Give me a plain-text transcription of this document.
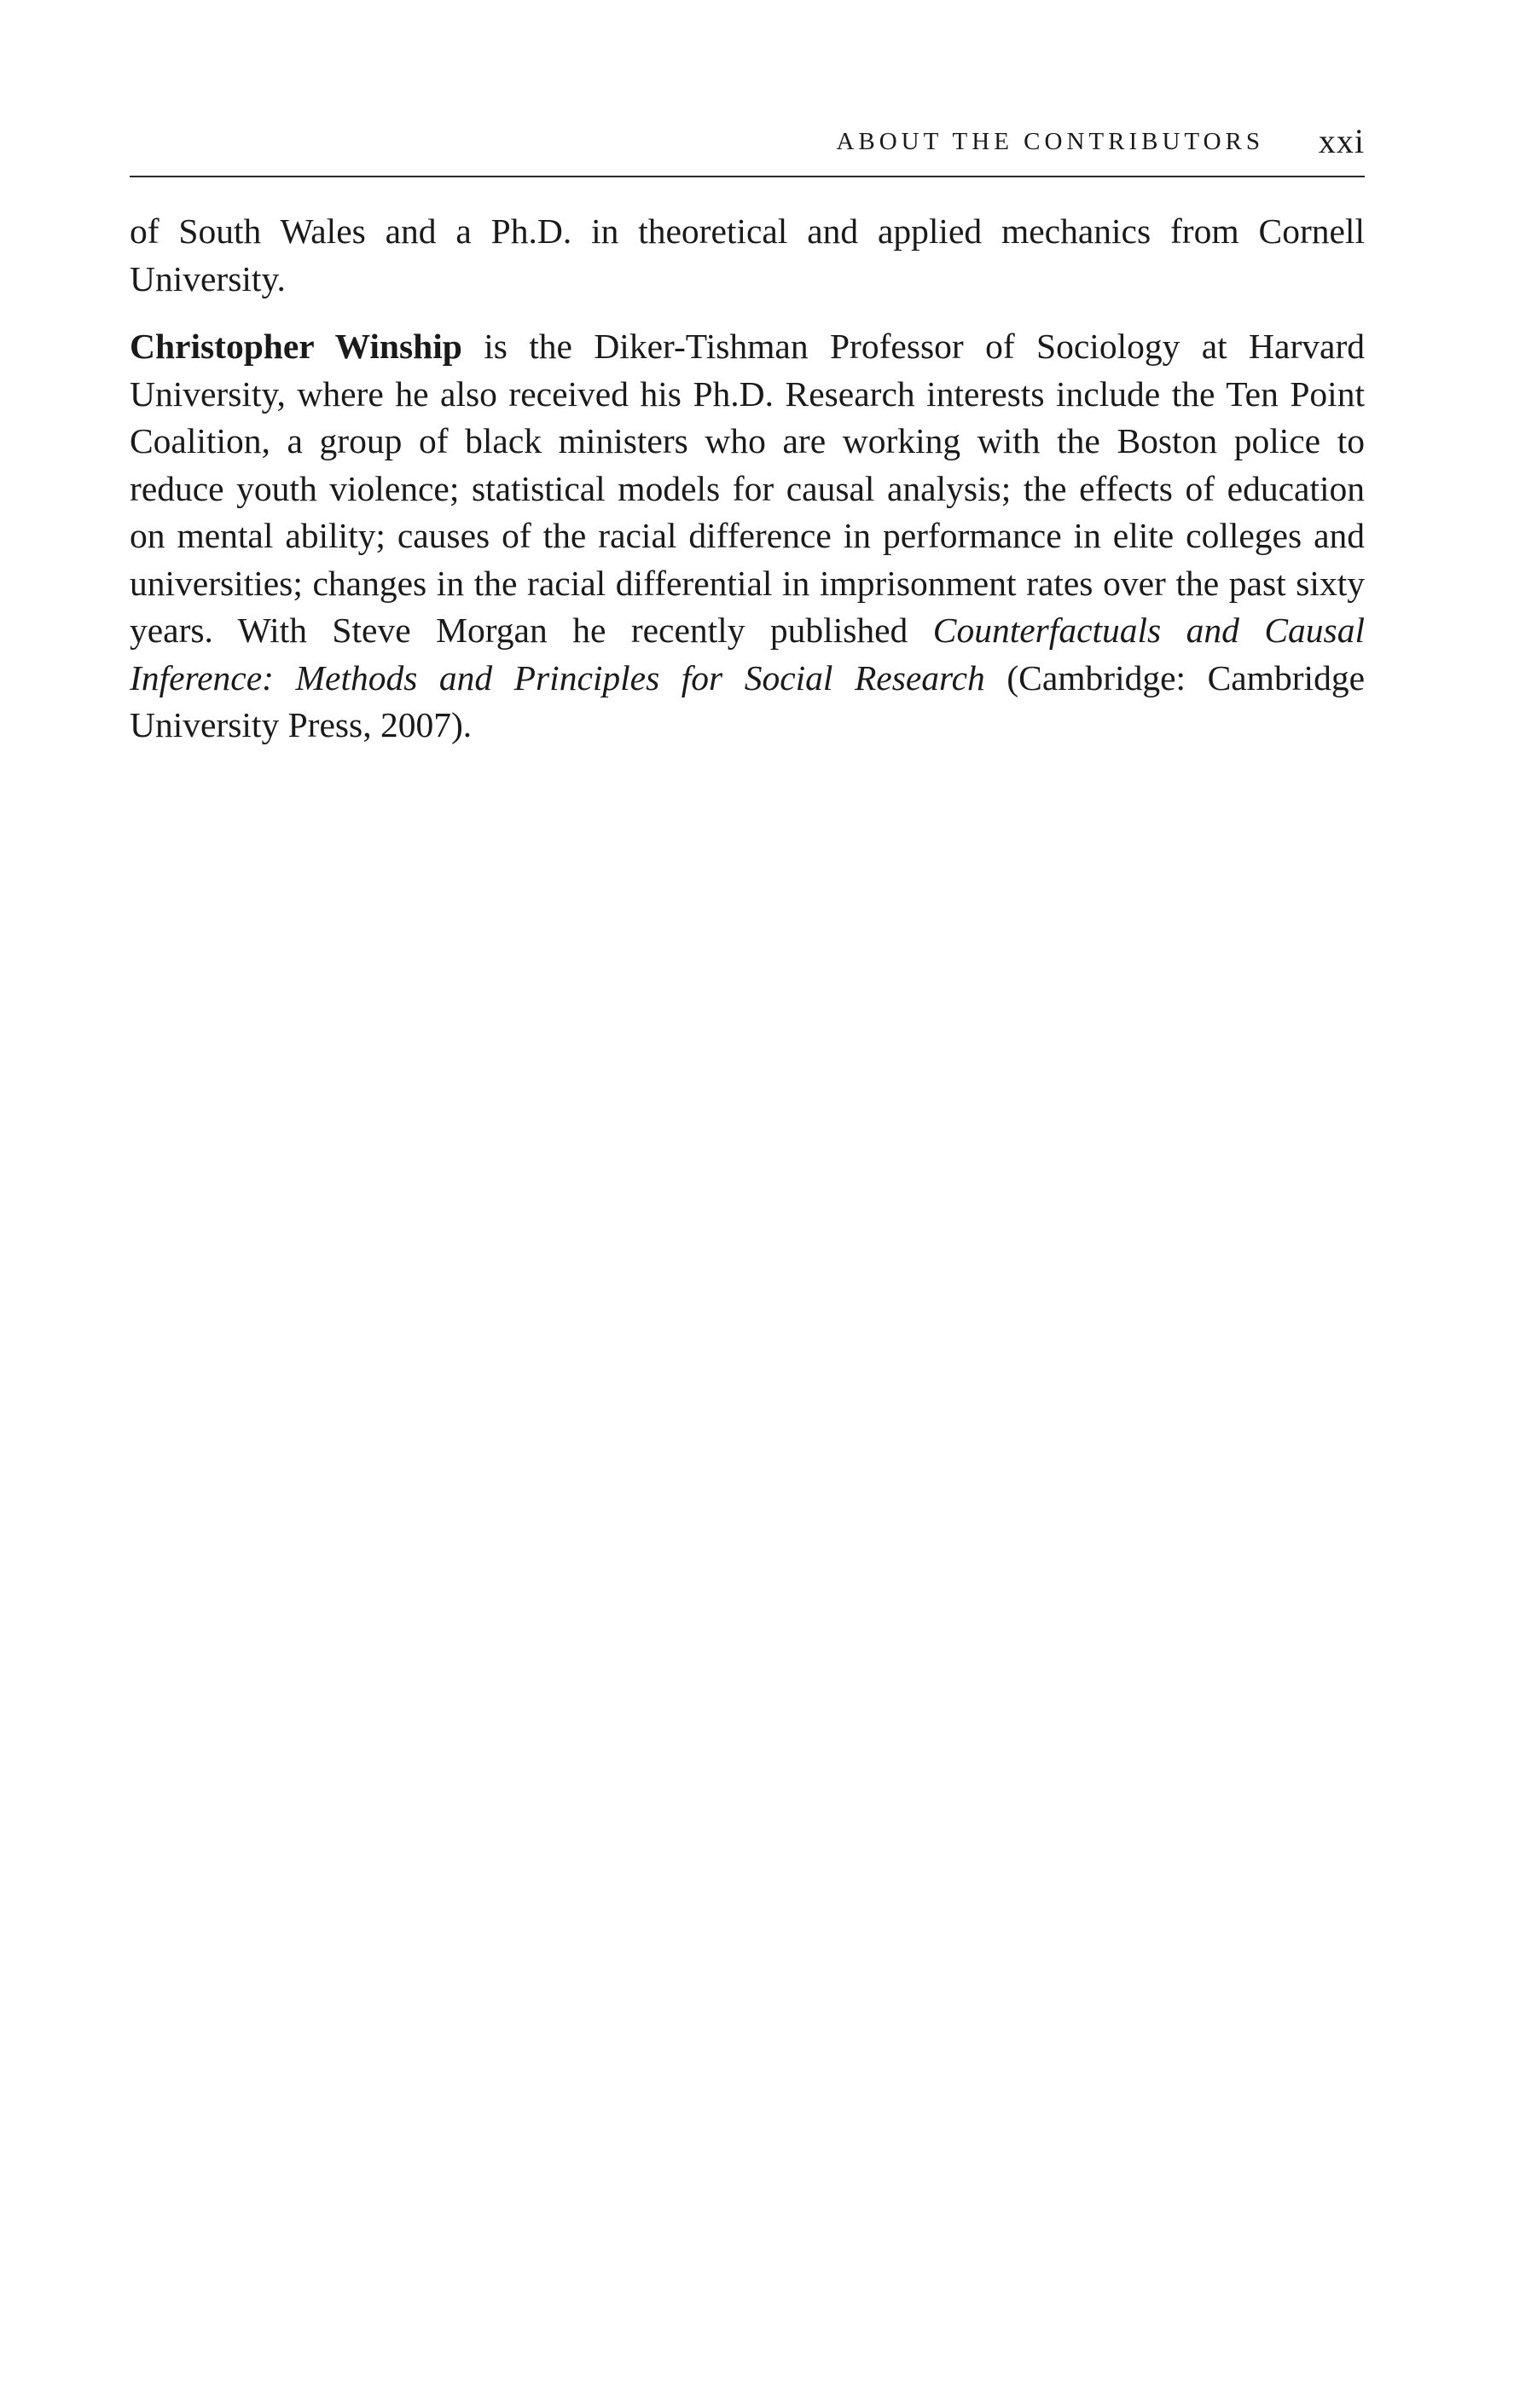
ABOUT THE CONTRIBUTORS xxi

of South Wales and a Ph.D. in theoretical and applied mechanics from Cornell University.

Christopher Winship is the Diker-Tishman Professor of Sociology at Harvard University, where he also received his Ph.D. Research interests include the Ten Point Coalition, a group of black ministers who are working with the Boston police to reduce youth violence; statistical models for causal analysis; the effects of education on mental ability; causes of the racial difference in performance in elite colleges and universities; changes in the racial differential in imprisonment rates over the past sixty years. With Steve Morgan he recently published Counterfactuals and Causal Inference: Methods and Principles for Social Research (Cambridge: Cambridge University Press, 2007).
